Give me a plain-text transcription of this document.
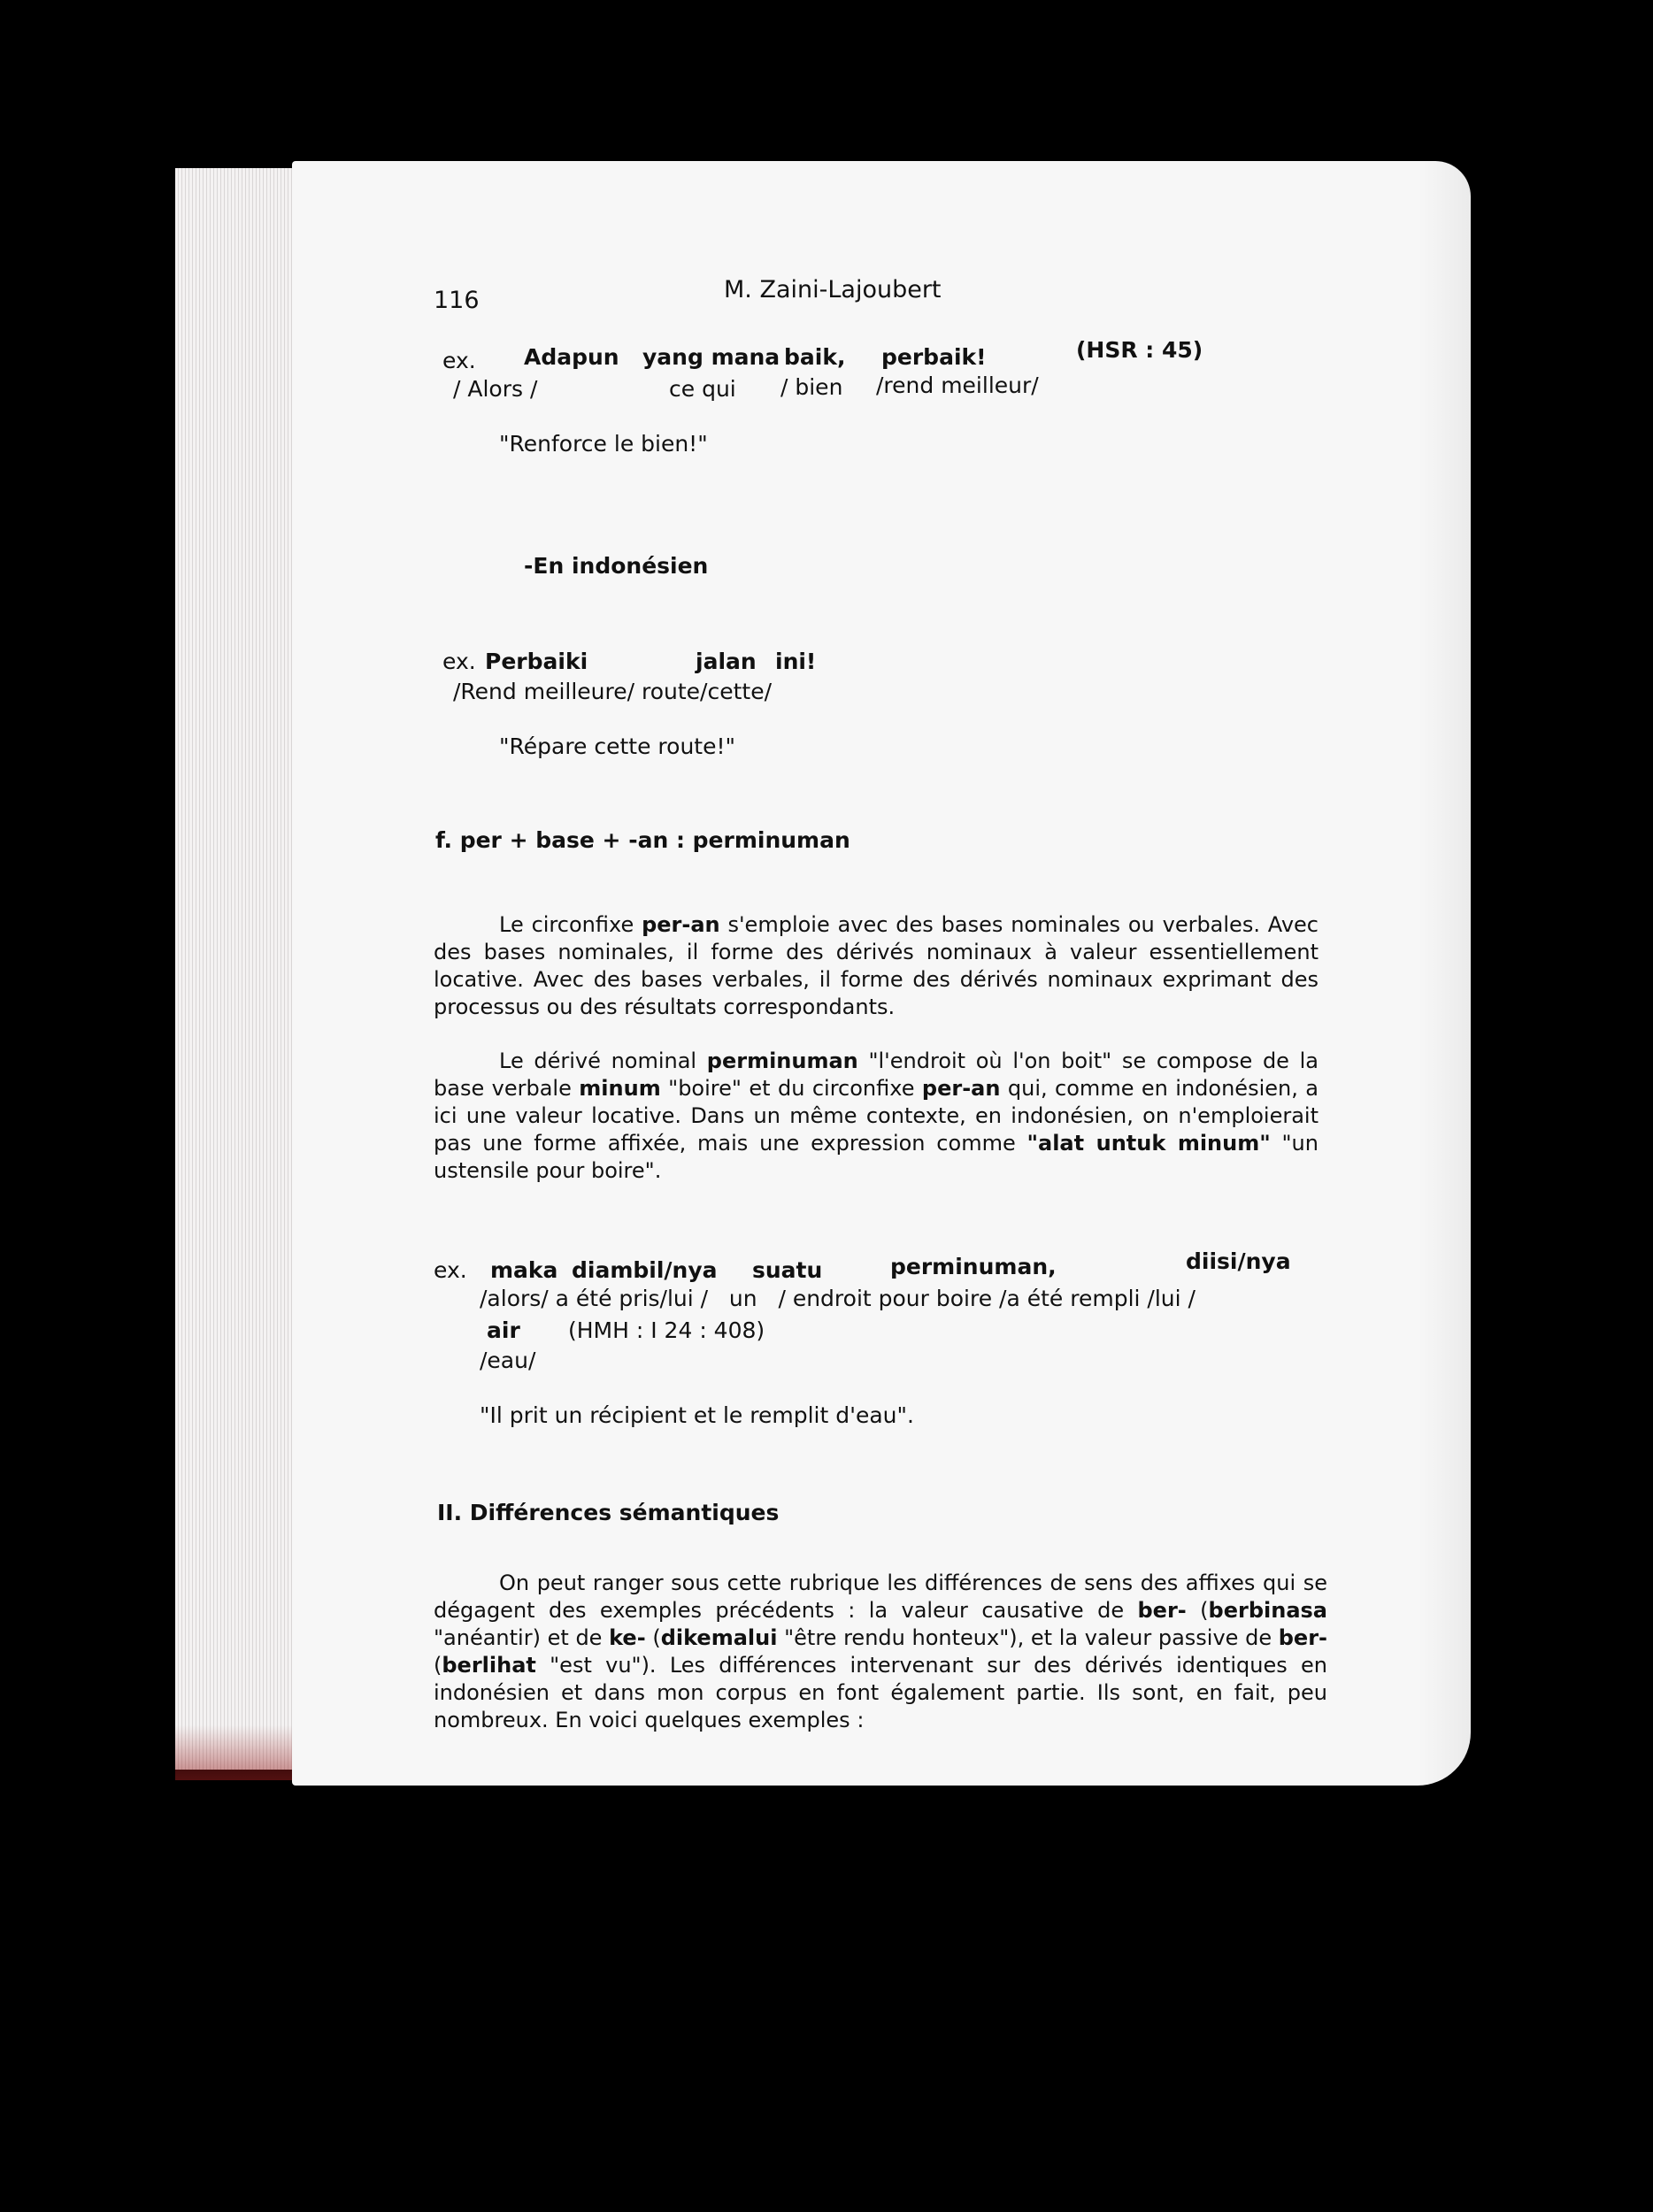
116	M. Zaini-Lajoubert
ex. Adapun yang mana baik, perbaik!	(HSR : 45)
/ Alors /	ce qui / bien /rend meilleur/
"Renforce le bien!"
-En indonésien
ex. Perbaiki	jalan ini!
/Rend meilleure/ route/cette/
"Répare cette route!"
f. per + base + -an : perminuman
Le circonfixe per-an s'emploie avec des bases nominales ou verbales. Avec des bases nominales, il forme des dérivés nominaux à valeur essentiellement locative. Avec des bases verbales, il forme des dérivés nominaux exprimant des processus ou des résultats correspondants.
Le dérivé nominal perminuman "l'endroit où l'on boit" se compose de la base verbale minum "boire" et du circonfixe per-an qui, comme en indonésien, a ici une valeur locative. Dans un même contexte, en indonésien, on n'emploierait pas une forme affixée, mais une expression comme "alat untuk minum" "un ustensile pour boire".
ex. maka diambil/nya suatu	perminuman,	diisi/nya
/alors/ a été pris/lui /   un   / endroit pour boire /a été rempli /lui /
air (HMH : I 24 : 408)
/eau/
"Il prit un récipient et le remplit d'eau".
II. Différences sémantiques
On peut ranger sous cette rubrique les différences de sens des affixes qui se dégagent des exemples précédents : la valeur causative de ber- (berbinasa "anéantir) et de ke- (dikemalui "être rendu honteux"), et la valeur passive de ber- (berlihat "est vu"). Les différences intervenant sur des dérivés identiques en indonésien et dans mon corpus en font également partie. Ils sont, en fait, peu nombreux. En voici quelques exemples :
